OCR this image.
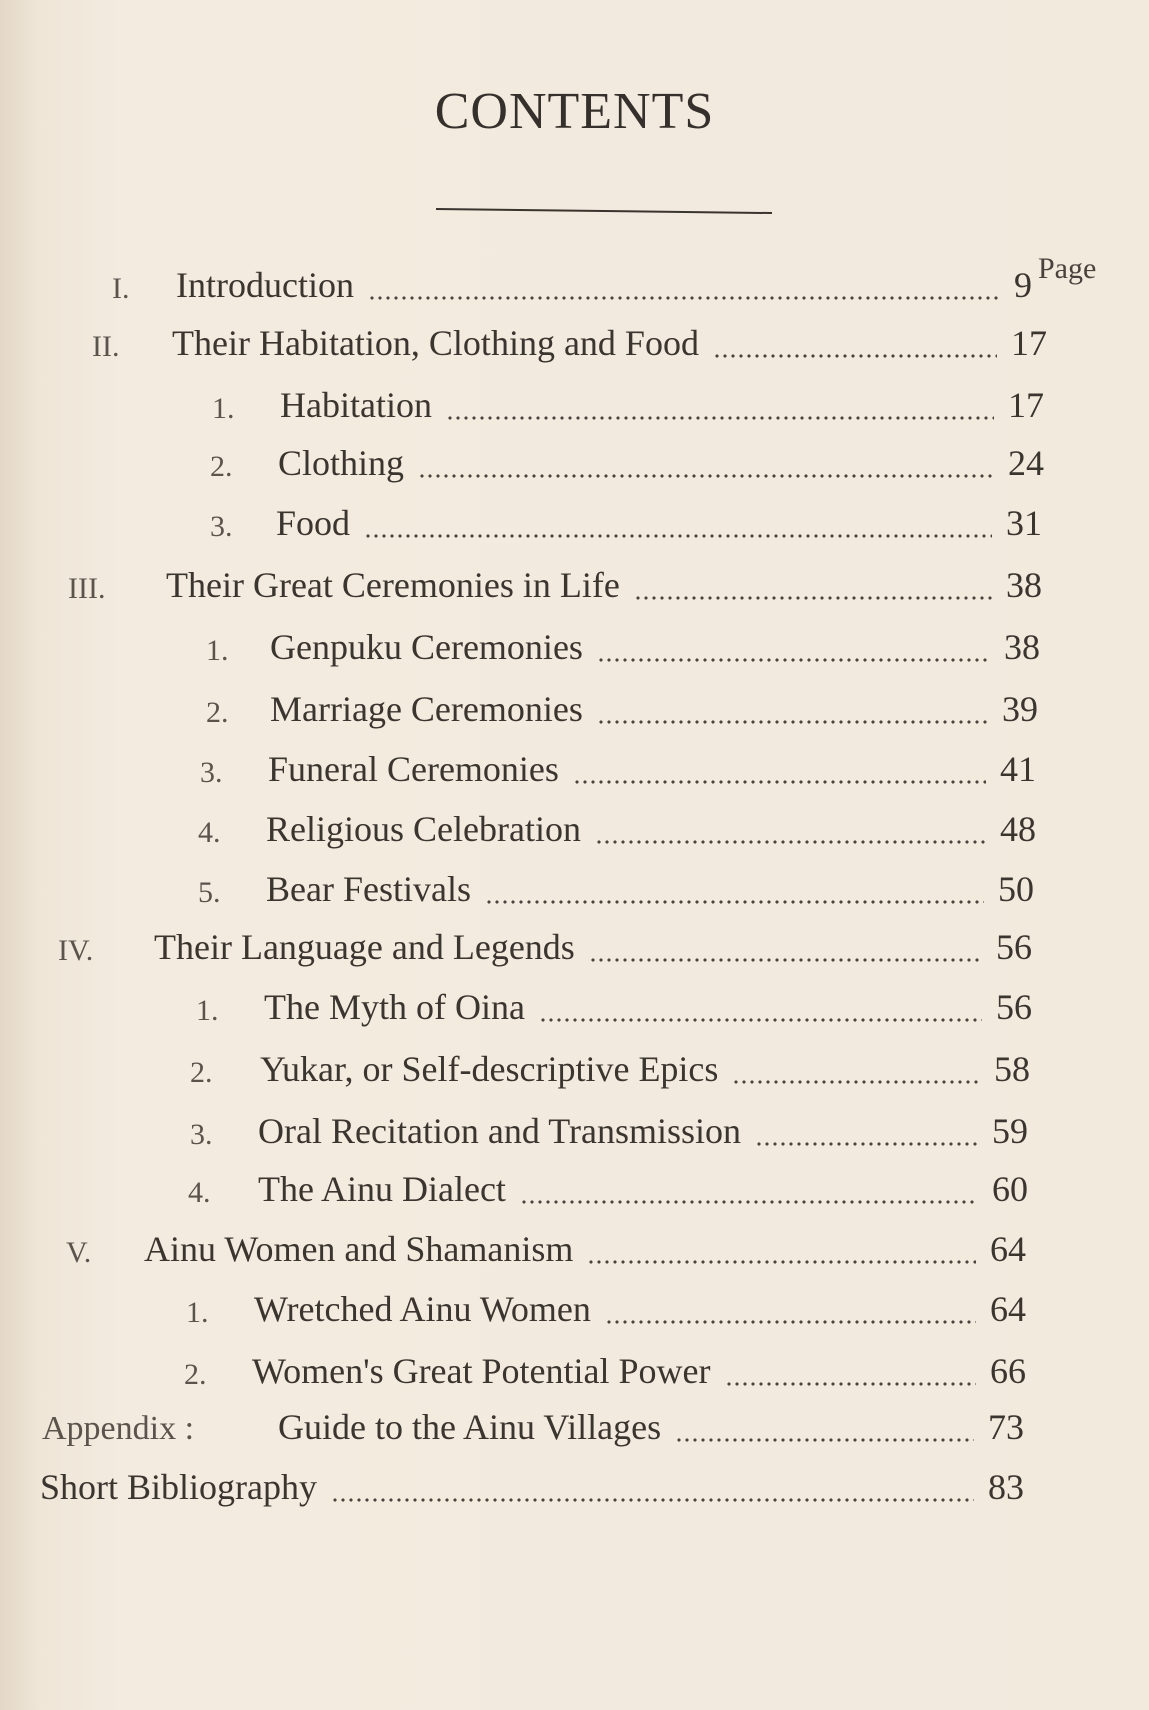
CONTENTS
Page
I. Introduction	9
II. Their Habitation, Clothing and Food	17
1. Habitation	17
2. Clothing	24
3. Food	31
III. Their Great Ceremonies in Life	38
1. Genpuku Ceremonies	38
2. Marriage Ceremonies	39
3. Funeral Ceremonies	41
4. Religious Celebration	48
5. Bear Festivals	50
IV. Their Language and Legends	56
1. The Myth of Oina	56
2. Yukar, or Self-descriptive Epics	58
3. Oral Recitation and Transmission	59
4. The Ainu Dialect	60
V. Ainu Women and Shamanism	64
1. Wretched Ainu Women	64
2. Women's Great Potential Power	66
Appendix : Guide to the Ainu Villages	73
Short Bibliography	83
